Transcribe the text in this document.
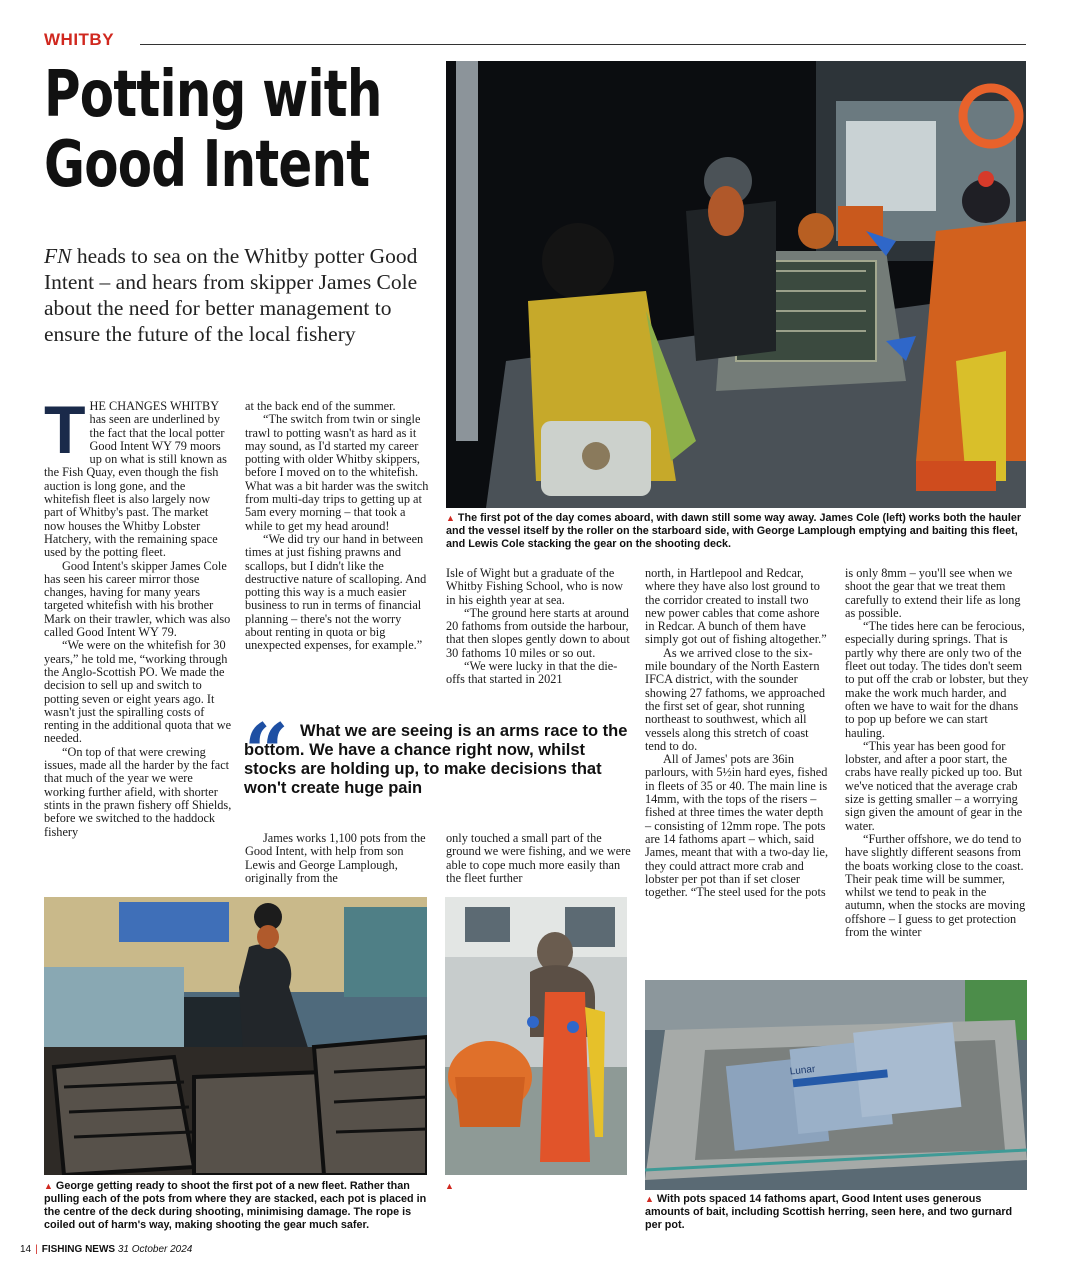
WHITBY
Potting with
Good Intent
FN heads to sea on the Whitby potter Good Intent – and hears from skipper James Cole about the need for better management to ensure the future of the local fishery
▲ The first pot of the day comes aboard, with dawn still some way away. James Cole (left) works both the hauler and the vessel itself by the roller on the starboard side, with George Lamplough emptying and baiting this fleet, and Lewis Cole stacking the gear on the shooting deck.

THE CHANGES WHITBY has seen are underlined by the fact that the local potter Good Intent WY 79 moors up on what is still known as the Fish Quay, even though the fish auction is long gone, and the whitefish fleet is also largely now part of Whitby's past. The market now houses the Whitby Lobster Hatchery, with the remaining space used by the potting fleet.

Good Intent's skipper James Cole has seen his career mirror those changes, having for many years targeted whitefish with his brother Mark on their trawler, which was also called Good Intent WY 79.

“We were on the whitefish for 30 years,” he told me, “working through the Anglo-Scottish PO. We made the decision to sell up and switch to potting seven or eight years ago. It wasn't just the spiralling costs of renting in the additional quota that we needed.

“On top of that were crewing issues, made all the harder by the fact that much of the year we were working further afield, with shorter stints in the prawn fishery off Shields, before we switched to the haddock fishery

at the back end of the summer.

“The switch from twin or single trawl to potting wasn't as hard as it may sound, as I'd started my career potting with older Whitby skippers, before I moved on to the whitefish. What was a bit harder was the switch from multi-day trips to getting up at 5am every morning – that took a while to get my head around!

“We did try our hand in between times at just fishing prawns and scallops, but I didn't like the destructive nature of scalloping. And potting this way is a much easier business to run in terms of financial planning – there's not the worry about renting in quota or big unexpected expenses, for example.”

Isle of Wight but a graduate of the Whitby Fishing School, who is now in his eighth year at sea.

“The ground here starts at around 20 fathoms from outside the harbour, that then slopes gently down to about 30 fathoms 10 miles or so out.

“We were lucky in that the die-offs that started in 2021

north, in Hartlepool and Redcar, where they have also lost ground to the corridor created to install two new power cables that come ashore in Redcar. A bunch of them have simply got out of fishing altogether.”

As we arrived close to the six-mile boundary of the North Eastern IFCA district, with the sounder showing 27 fathoms, we approached the first set of gear, shot running northeast to southwest, which all vessels along this stretch of coast tend to do.

All of James' pots are 36in parlours, with 5½in hard eyes, fished in fleets of 35 or 40. The main line is 14mm, with the tops of the risers – fished at three times the water depth – consisting of 12mm rope. The pots are 14 fathoms apart – which, said James, meant that with a two-day lie, they could attract more crab and lobster per pot than if set closer together. “The steel used for the pots

is only 8mm – you'll see when we shoot the gear that we treat them carefully to extend their life as long as possible.

“The tides here can be ferocious, especially during springs. That is partly why there are only two of the fleet out today. The tides don't seem to put off the crab or lobster, but they make the work much harder, and often we have to wait for the dhans to pop up before we can start hauling.

“This year has been good for lobster, and after a poor start, the crabs have really picked up too. But we've noticed that the average crab size is getting smaller – a worrying sign given the amount of gear in the water.

“Further offshore, we do tend to have slightly different seasons from the boats working close to the coast. Their peak time will be summer, whilst we tend to peak in the autumn, when the stocks are moving offshore – I guess to get protection from the winter

“ What we are seeing is an arms race to the bottom. We have a chance right now, whilst stocks are holding up, to make decisions that won't create huge pain

James works 1,100 pots from the Good Intent, with help from son Lewis and George Lamplough, originally from the

only touched a small part of the ground we were fishing, and we were able to cope much more easily than the fleet further

▲ George getting ready to shoot the first pot of a new fleet. Rather than pulling each of the pots from where they are stacked, each pot is placed in the centre of the deck during shooting, minimising damage. The rope is coiled out of harm's way, making shooting the gear much safer.
▲
Lunar
▲ With pots spaced 14 fathoms apart, Good Intent uses generous amounts of bait, including Scottish herring, seen here, and two gurnard per pot.
14 | FISHING NEWS 31 October 2024
